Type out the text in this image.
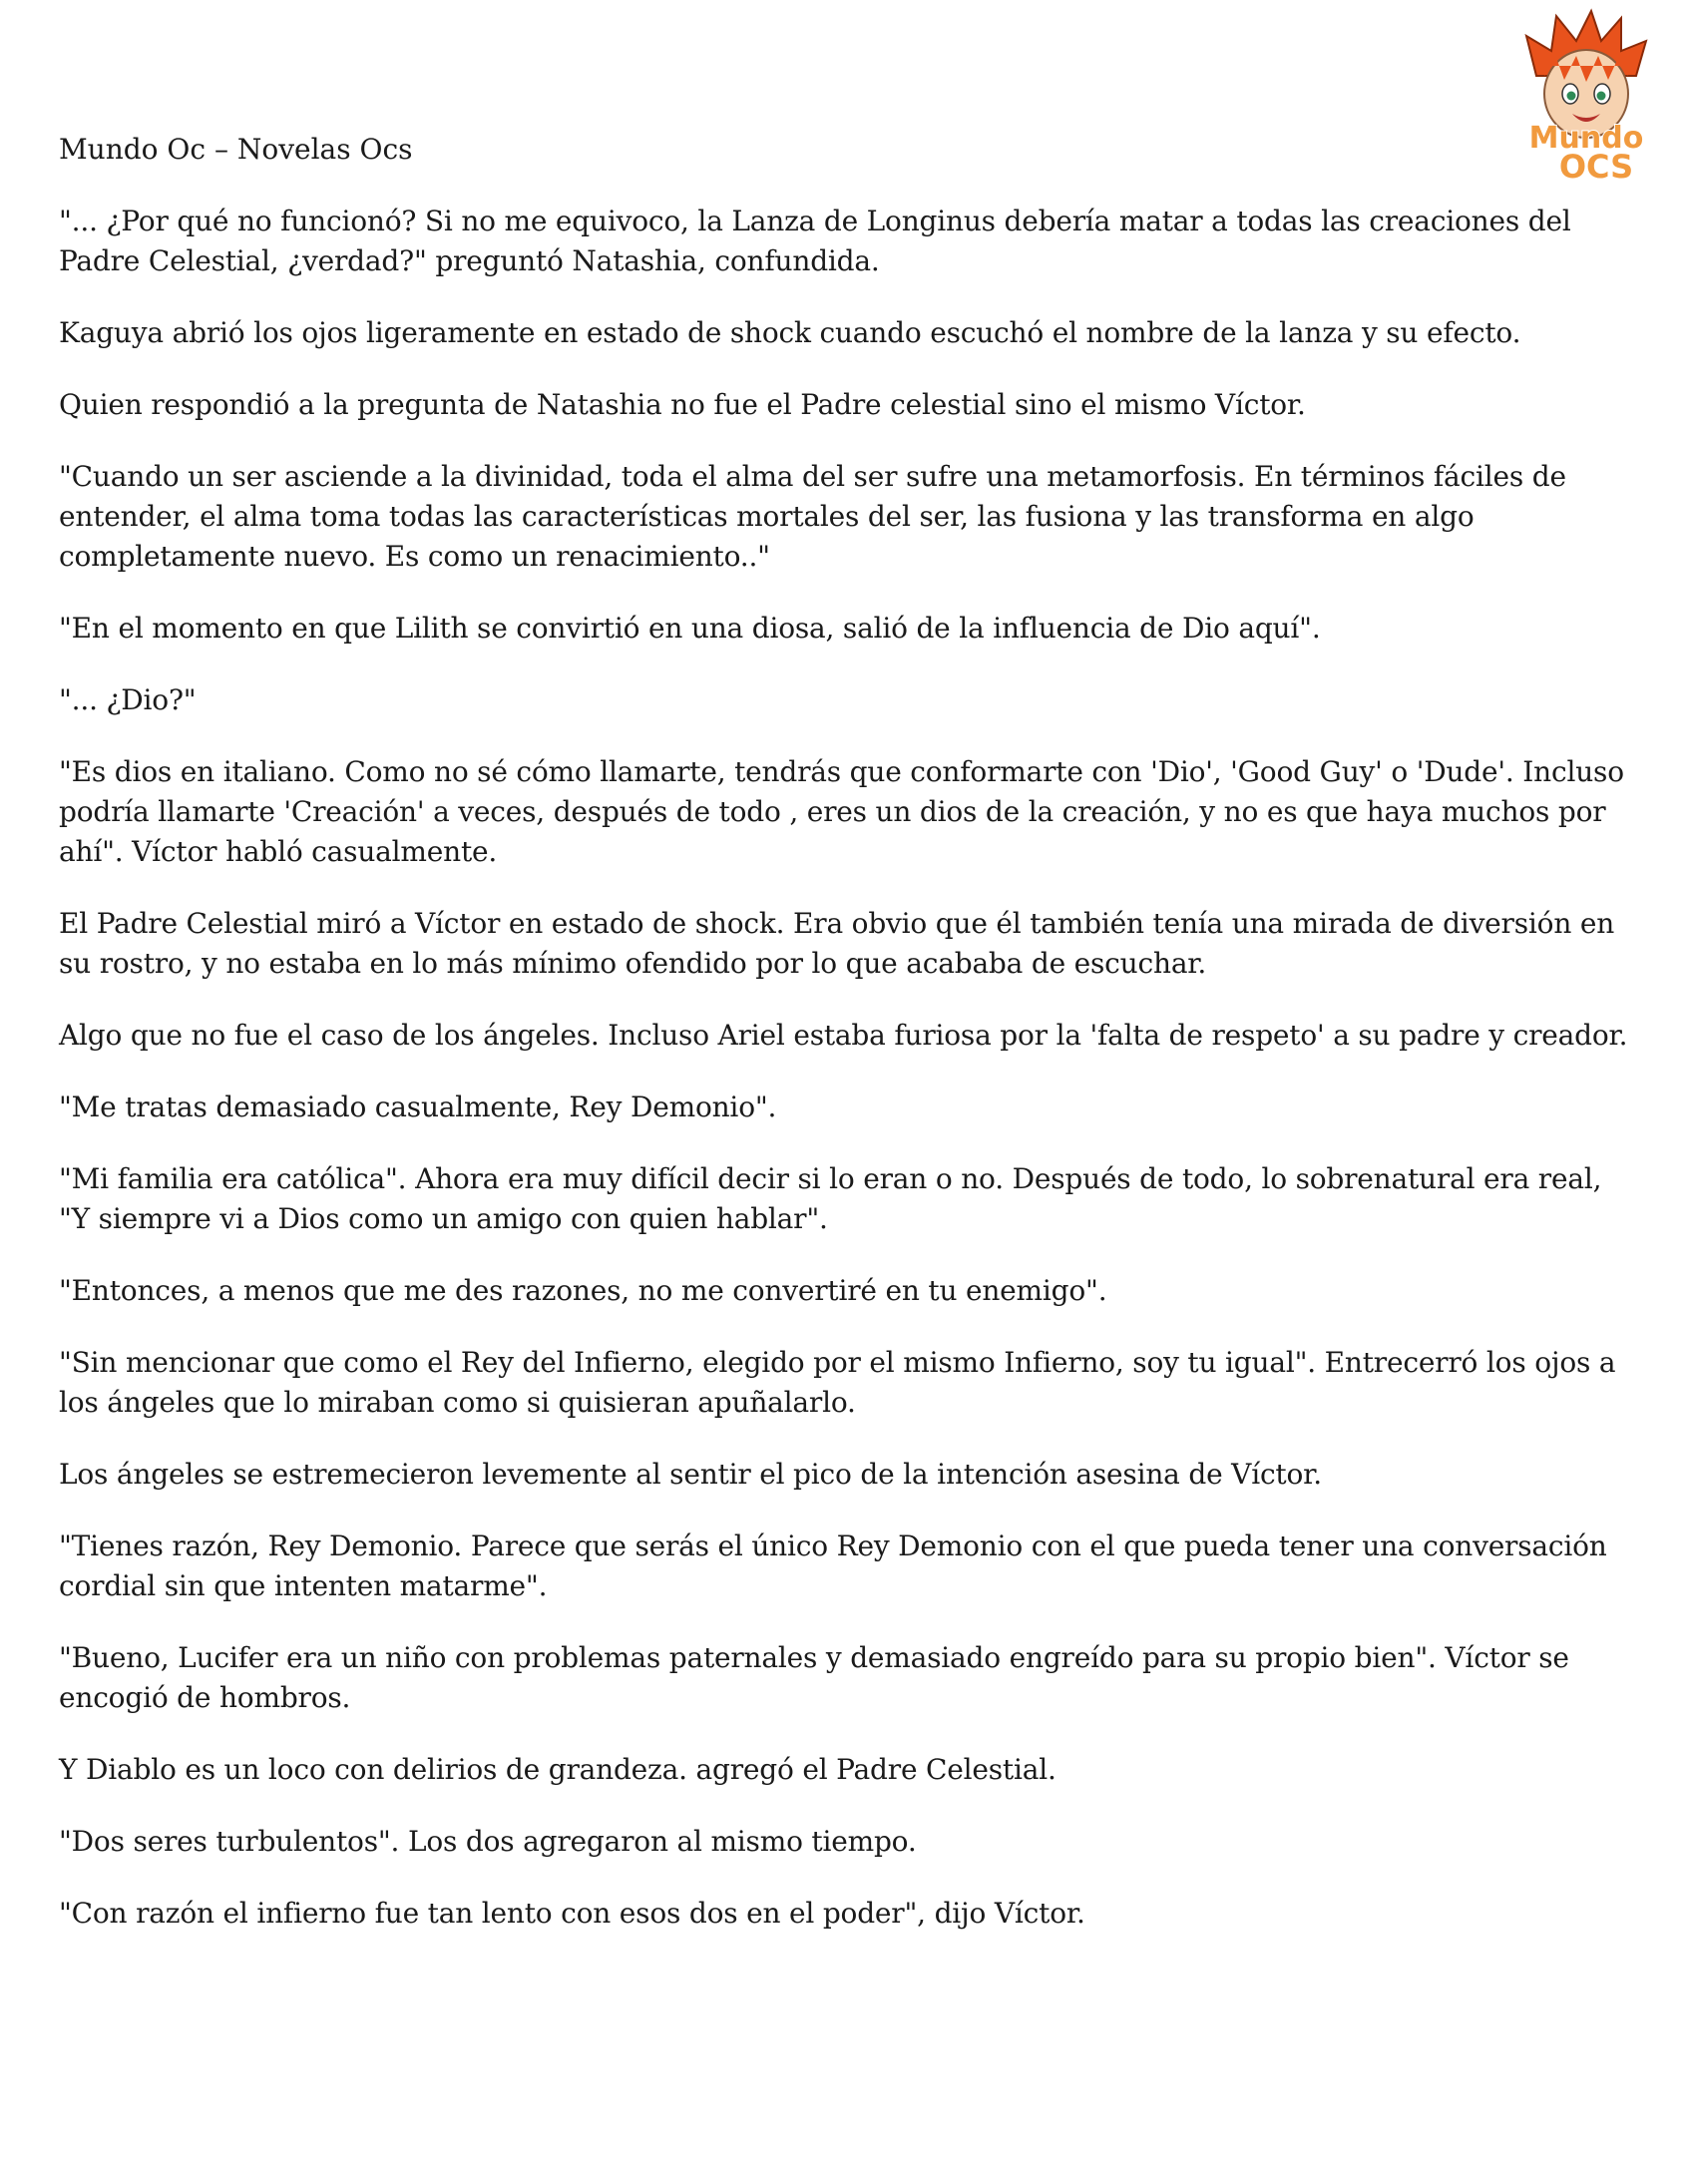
Mundo
OCS
Mundo Oc – Novelas Ocs

"... ¿Por qué no funcionó? Si no me equivoco, la Lanza de Longinus debería matar a todas las creaciones del Padre Celestial, ¿verdad?" preguntó Natashia, confundida.

Kaguya abrió los ojos ligeramente en estado de shock cuando escuchó el nombre de la lanza y su efecto.

Quien respondió a la pregunta de Natashia no fue el Padre celestial sino el mismo Víctor.

"Cuando un ser asciende a la divinidad, toda el alma del ser sufre una metamorfosis. En términos fáciles de entender, el alma toma todas las características mortales del ser, las fusiona y las transforma en algo completamente nuevo. Es como un renacimiento.."

"En el momento en que Lilith se convirtió en una diosa, salió de la influencia de Dio aquí".

"... ¿Dio?"

"Es dios en italiano. Como no sé cómo llamarte, tendrás que conformarte con 'Dio', 'Good Guy' o 'Dude'. Incluso podría llamarte 'Creación' a veces, después de todo , eres un dios de la creación, y no es que haya muchos por ahí". Víctor habló casualmente.

El Padre Celestial miró a Víctor en estado de shock. Era obvio que él también tenía una mirada de diversión en su rostro, y no estaba en lo más mínimo ofendido por lo que acababa de escuchar.

Algo que no fue el caso de los ángeles. Incluso Ariel estaba furiosa por la 'falta de respeto' a su padre y creador.

"Me tratas demasiado casualmente, Rey Demonio".

"Mi familia era católica". Ahora era muy difícil decir si lo eran o no. Después de todo, lo sobrenatural era real, "Y siempre vi a Dios como un amigo con quien hablar".

"Entonces, a menos que me des razones, no me convertiré en tu enemigo".

"Sin mencionar que como el Rey del Infierno, elegido por el mismo Infierno, soy tu igual". Entrecerró los ojos a los ángeles que lo miraban como si quisieran apuñalarlo.

Los ángeles se estremecieron levemente al sentir el pico de la intención asesina de Víctor.

"Tienes razón, Rey Demonio. Parece que serás el único Rey Demonio con el que pueda tener una conversación cordial sin que intenten matarme".

"Bueno, Lucifer era un niño con problemas paternales y demasiado engreído para su propio bien". Víctor se encogió de hombros.

Y Diablo es un loco con delirios de grandeza. agregó el Padre Celestial.

"Dos seres turbulentos". Los dos agregaron al mismo tiempo.

"Con razón el infierno fue tan lento con esos dos en el poder", dijo Víctor.
